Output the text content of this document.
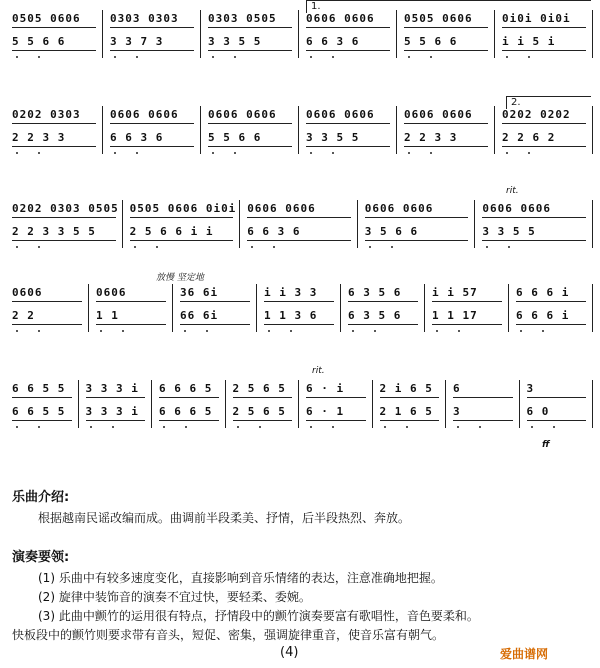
0505 0606
5 5 6 6
0303 0303
3 3 7 3
0303 0505
3 3 5 5
0606 0606
6 6 3 6
0505 0606
5 5 6 6
0i0i 0i0i
i i 5 i
1.
0202 0303
2 2 3 3
0606 0606
6 6 3 6
0606 0606
5 5 6 6
0606 0606
3 3 5 5
0606 0606
2 2 3 3
0202 0202
2 2 6 2
2.
0202 0303 0505
2 2 3 3 5 5
0505 0606 0i0i
2 5 6 6 i i
0606 0606
6 6 3 6
0606 0606
3 5 6 6
0606 0606
3 3 5 5
rit.
0606
2 2
0606
1 1
36 6i
66 6i
i i 3 3
1 1 3 6
6 3 5 6
6 3 5 6
i i 57
1 1 17
6 6 6 i
6 6 6 i
放慢 坚定地
6 6 5 5
6 6 5 5
3 3 3 i
3 3 3 i
6 6 6 5
6 6 6 5
2 5 6 5
2 5 6 5
6 · i
6 · 1
2 i 6 5
2 1 6 5
6
3
3
6 0
rit.
ff
乐曲介绍:
根据越南民谣改编而成。曲调前半段柔美、抒情，后半段热烈、奔放。
演奏要领:
(1) 乐曲中有较多速度变化，直接影响到音乐情绪的表达，注意准确地把握。
(2) 旋律中装饰音的演奏不宜过快，要轻柔、委婉。
(3) 此曲中颤竹的运用很有特点，抒情段中的颤竹演奏要富有歌唱性，音色要柔和。
快板段中的颤竹则要求带有音头，短促、密集，强调旋律重音，使音乐富有朝气。
(4)	爱曲谱网
